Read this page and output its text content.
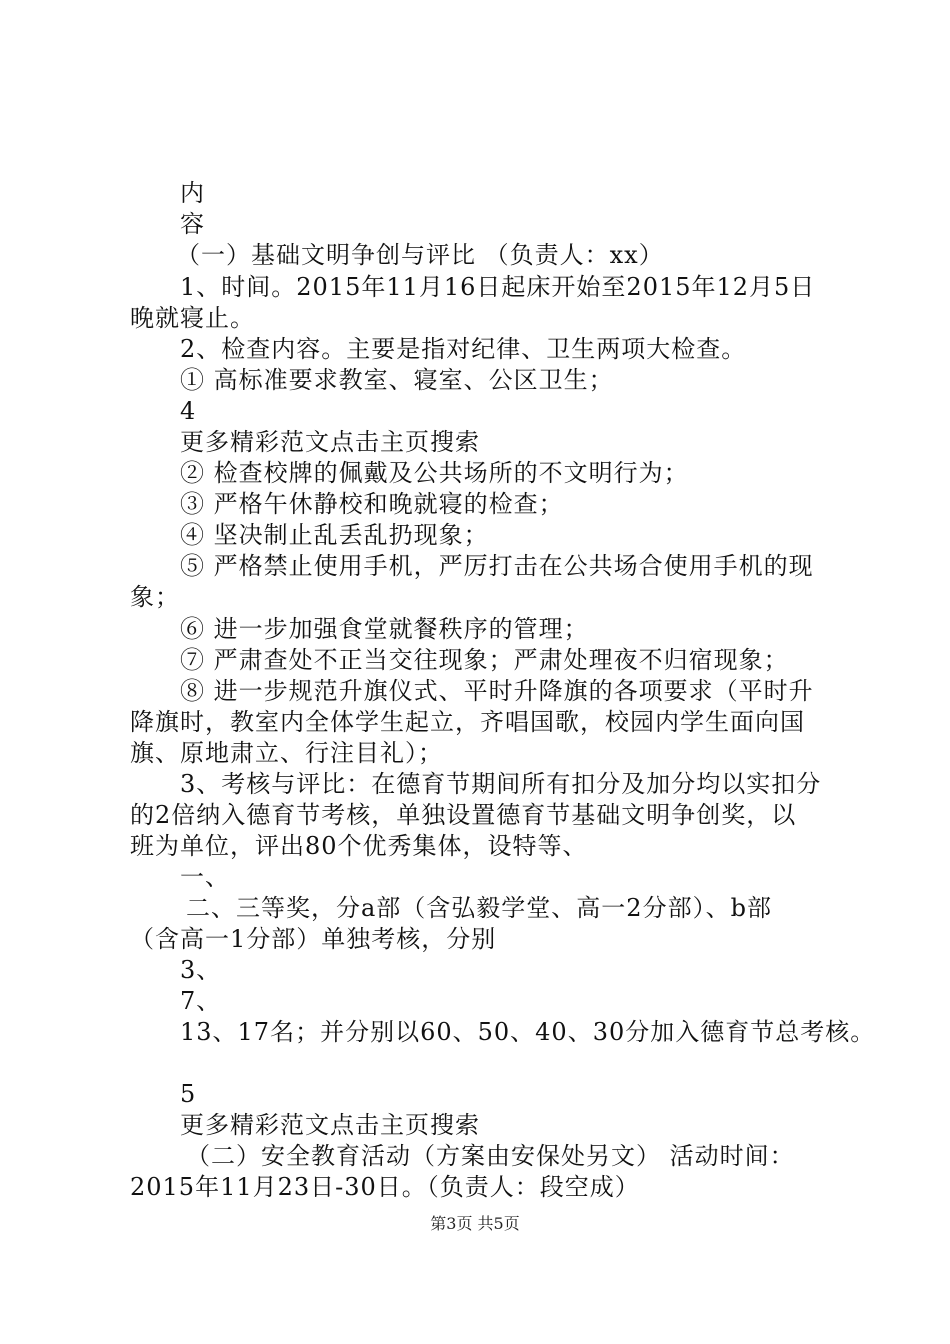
内
容
（一）基础文明争创与评比 （负责人：xx）
1、时间。2015年11月16日起床开始至2015年12月5日
晚就寝止。
2、检查内容。主要是指对纪律、卫生两项大检查。
① 高标准要求教室、寝室、公区卫生；
4
更多精彩范文点击主页搜索
② 检查校牌的佩戴及公共场所的不文明行为；
③ 严格午休静校和晚就寝的检查；
④ 坚决制止乱丢乱扔现象；
⑤ 严格禁止使用手机，严厉打击在公共场合使用手机的现
象；
⑥ 进一步加强食堂就餐秩序的管理；
⑦ 严肃查处不正当交往现象；严肃处理夜不归宿现象；
⑧ 进一步规范升旗仪式、平时升降旗的各项要求（平时升
降旗时，教室内全体学生起立，齐唱国歌，校园内学生面向国
旗、原地肃立、行注目礼）；
3、考核与评比：在德育节期间所有扣分及加分均以实扣分
的2倍纳入德育节考核，单独设置德育节基础文明争创奖，以
班为单位，评出80个优秀集体，设特等、
一、
二、三等奖，分a部（含弘毅学堂、高一2分部）、b部
（含高一1分部）单独考核，分别
3、
7、
13、17名；并分别以60、50、40、30分加入德育节总考核。
5
更多精彩范文点击主页搜索
（二）安全教育活动（方案由安保处另文） 活动时间：
2015年11月23日-30日。（负责人：段空成）
第3页 共5页
